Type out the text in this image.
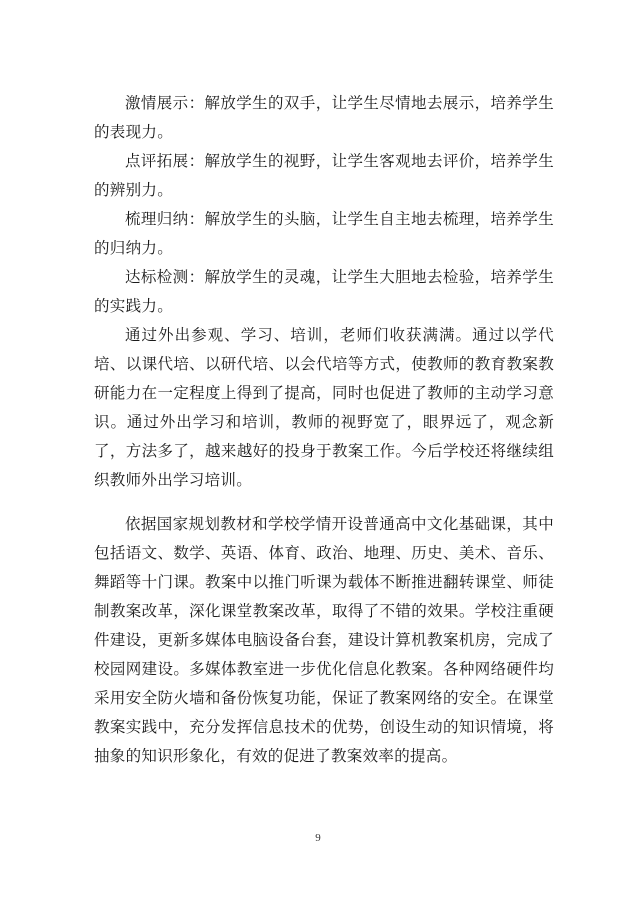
激情展示：解放学生的双手，让学生尽情地去展示，培养学生的表现力。

点评拓展：解放学生的视野，让学生客观地去评价，培养学生的辨别力。

梳理归纳：解放学生的头脑，让学生自主地去梳理，培养学生的归纳力。

达标检测：解放学生的灵魂，让学生大胆地去检验，培养学生的实践力。

通过外出参观、学习、培训，老师们收获满满。通过以学代培、以课代培、以研代培、以会代培等方式，使教师的教育教案教研能力在一定程度上得到了提高，同时也促进了教师的主动学习意识。通过外出学习和培训，教师的视野宽了，眼界远了，观念新了，方法多了，越来越好的投身于教案工作。今后学校还将继续组织教师外出学习培训。

依据国家规划教材和学校学情开设普通高中文化基础课，其中包括语文、数学、英语、体育、政治、地理、历史、美术、音乐、舞蹈等十门课。教案中以推门听课为载体不断推进翻转课堂、师徒制教案改革，深化课堂教案改革，取得了不错的效果。学校注重硬件建设，更新多媒体电脑设备台套，建设计算机教案机房，完成了校园网建设。多媒体教室进一步优化信息化教案。各种网络硬件均采用安全防火墙和备份恢复功能，保证了教案网络的安全。在课堂教案实践中，充分发挥信息技术的优势，创设生动的知识情境，将抽象的知识形象化，有效的促进了教案效率的提高。

9
